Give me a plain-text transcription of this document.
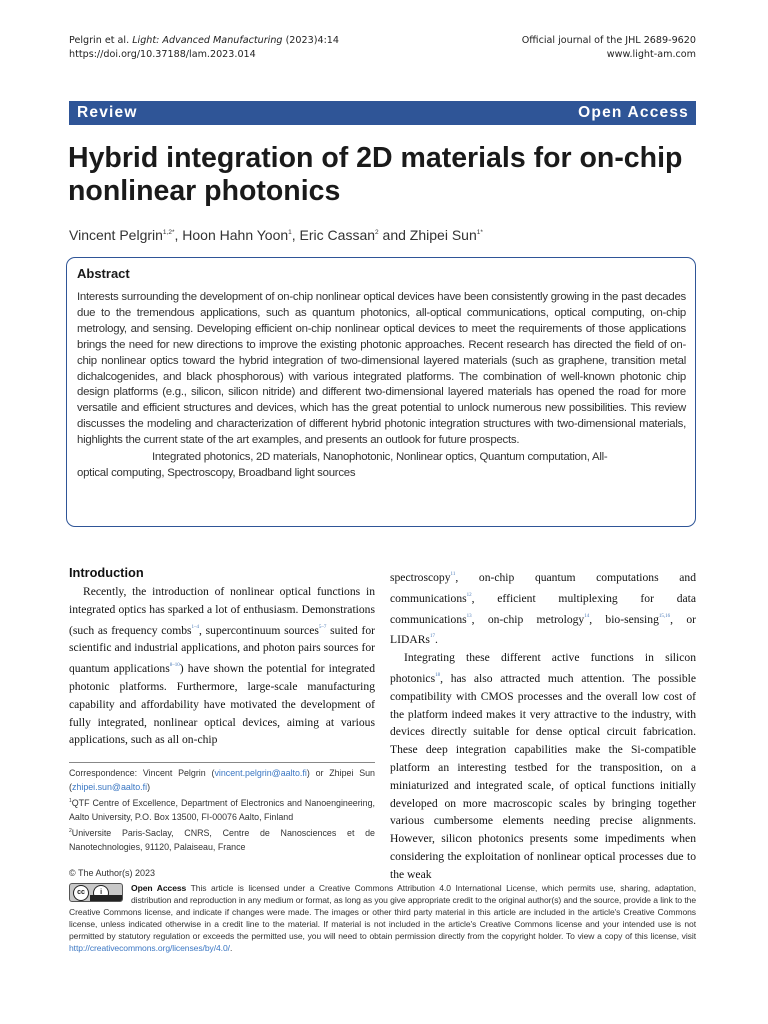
Pelgrin et al. Light: Advanced Manufacturing (2023)4:14
https://doi.org/10.37188/lam.2023.014
Official journal of the JHL 2689-9620
www.light-am.com
Review	Open Access
Hybrid integration of 2D materials for on-chip nonlinear photonics
Vincent Pelgrin$^{1,2*}$, Hoon Hahn Yoon$^1$, Eric Cassan$^2$ and Zhipei Sun$^{1*}$
Abstract

Interests surrounding the development of on-chip nonlinear optical devices have been consistently growing in the past decades due to the tremendous applications, such as quantum photonics, all-optical communications, optical computing, on-chip metrology, and sensing. Developing efficient on-chip nonlinear optical devices to meet the requirements of those applications brings the need for new directions to improve the existing photonic approaches. Recent research has directed the field of on-chip nonlinear optics toward the hybrid integration of two-dimensional layered materials (such as graphene, transition metal dichalcogenides, and black phosphorous) with various integrated platforms. The combination of well-known photonic chip design platforms (e.g., silicon, silicon nitride) and different two-dimensional layered materials has opened the road for more versatile and efficient structures and devices, which has the great potential to unlock numerous new possibilities. This review discusses the modeling and characterization of different hybrid photonic integration structures with two-dimensional materials, highlights the current state of the art examples, and presents an outlook for future prospects.
Integrated photonics, 2D materials, Nanophotonic, Nonlinear optics, Quantum computation, All-
optical computing, Spectroscopy, Broadband light sources

Introduction

Recently, the introduction of nonlinear optical functions in integrated optics has sparked a lot of enthusiasm. Demonstrations (such as frequency combs$^{1-4}$, supercontinuum sources$^{5-7}$ suited for scientific and industrial applications, and photon pairs sources for quantum applications$^{8-10}$) have shown the potential for integrated photonic platforms. Furthermore, large-scale manufacturing capability and affordability have motivated the development of fully integrated, nonlinear optical devices, aiming at various applications, such as all on-chip

spectroscopy$^{11}$, on-chip quantum computations and communications$^{12}$, efficient multiplexing for data communications$^{13}$, on-chip metrology$^{14}$, bio-sensing$^{15,16}$, or LIDARs$^{17}$.

Integrating these different active functions in silicon photonics$^{18}$, has also attracted much attention. The possible compatibility with CMOS processes and the overall low cost of the platform indeed makes it very attractive to the industry, with devices directly suitable for dense optical circuit fabrication. These deep integration capabilities make the Si-compatible platform an interesting testbed for the transposition, on a miniaturized and integrated scale, of optical functions initially developed on more macroscopic scales by bringing together various cumbersome elements needing precise alignments. However, silicon photonics presents some impediments when considering the exploitation of nonlinear optical processes due to the weak

Correspondence: Vincent Pelgrin (vincent.pelgrin@aalto.fi) or Zhipei Sun (zhipei.sun@aalto.fi)
$^1$QTF Centre of Excellence, Department of Electronics and Nanoengineering, Aalto University, P.O. Box 13500, FI-00076 Aalto, Finland
$^2$Universite Paris-Saclay, CNRS, Centre de Nanosciences et de Nanotechnologies, 91120, Palaiseau, France
© The Author(s) 2023
cc	i	Open Access This article is licensed under a Creative Commons Attribution 4.0 International License, which permits use, sharing, adaptation, distribution and reproduction in any medium or format, as long as you give appropriate credit to the original author(s) and the source, provide a link to the Creative Commons license, and indicate if changes were made. The images or other third party material in this article are included in the article's Creative Commons license, unless indicated otherwise in a credit line to the material. If material is not included in the article's Creative Commons license and your intended use is not permitted by statutory regulation or exceeds the permitted use, you will need to obtain permission directly from the copyright holder. To view a copy of this license, visit http://creativecommons.org/licenses/by/4.0/.
